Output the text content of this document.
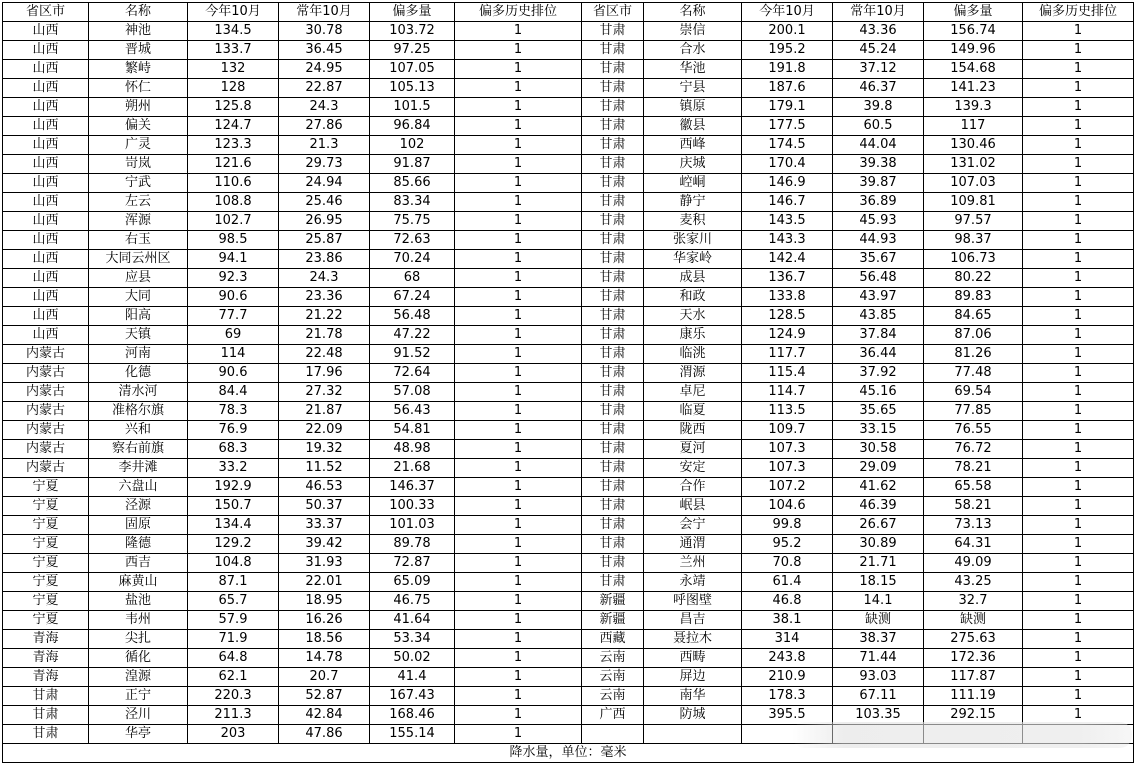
省区市	名称	今年10月	常年10月	偏多量	偏多历史排位	省区市	名称	今年10月	常年10月	偏多量	偏多历史排位
山西	神池	134.5	30.78	103.72	1	甘肃	崇信	200.1	43.36	156.74	1
山西	晋城	133.7	36.45	97.25	1	甘肃	合水	195.2	45.24	149.96	1
山西	繁峙	132	24.95	107.05	1	甘肃	华池	191.8	37.12	154.68	1
山西	怀仁	128	22.87	105.13	1	甘肃	宁县	187.6	46.37	141.23	1
山西	朔州	125.8	24.3	101.5	1	甘肃	镇原	179.1	39.8	139.3	1
山西	偏关	124.7	27.86	96.84	1	甘肃	徽县	177.5	60.5	117	1
山西	广灵	123.3	21.3	102	1	甘肃	西峰	174.5	44.04	130.46	1
山西	岢岚	121.6	29.73	91.87	1	甘肃	庆城	170.4	39.38	131.02	1
山西	宁武	110.6	24.94	85.66	1	甘肃	崆峒	146.9	39.87	107.03	1
山西	左云	108.8	25.46	83.34	1	甘肃	静宁	146.7	36.89	109.81	1
山西	浑源	102.7	26.95	75.75	1	甘肃	麦积	143.5	45.93	97.57	1
山西	右玉	98.5	25.87	72.63	1	甘肃	张家川	143.3	44.93	98.37	1
山西	大同云州区	94.1	23.86	70.24	1	甘肃	华家岭	142.4	35.67	106.73	1
山西	应县	92.3	24.3	68	1	甘肃	成县	136.7	56.48	80.22	1
山西	大同	90.6	23.36	67.24	1	甘肃	和政	133.8	43.97	89.83	1
山西	阳高	77.7	21.22	56.48	1	甘肃	天水	128.5	43.85	84.65	1
山西	天镇	69	21.78	47.22	1	甘肃	康乐	124.9	37.84	87.06	1
内蒙古	河南	114	22.48	91.52	1	甘肃	临洮	117.7	36.44	81.26	1
内蒙古	化德	90.6	17.96	72.64	1	甘肃	渭源	115.4	37.92	77.48	1
内蒙古	清水河	84.4	27.32	57.08	1	甘肃	卓尼	114.7	45.16	69.54	1
内蒙古	准格尔旗	78.3	21.87	56.43	1	甘肃	临夏	113.5	35.65	77.85	1
内蒙古	兴和	76.9	22.09	54.81	1	甘肃	陇西	109.7	33.15	76.55	1
内蒙古	察右前旗	68.3	19.32	48.98	1	甘肃	夏河	107.3	30.58	76.72	1
内蒙古	李井滩	33.2	11.52	21.68	1	甘肃	安定	107.3	29.09	78.21	1
宁夏	六盘山	192.9	46.53	146.37	1	甘肃	合作	107.2	41.62	65.58	1
宁夏	泾源	150.7	50.37	100.33	1	甘肃	岷县	104.6	46.39	58.21	1
宁夏	固原	134.4	33.37	101.03	1	甘肃	会宁	99.8	26.67	73.13	1
宁夏	隆德	129.2	39.42	89.78	1	甘肃	通渭	95.2	30.89	64.31	1
宁夏	西吉	104.8	31.93	72.87	1	甘肃	兰州	70.8	21.71	49.09	1
宁夏	麻黄山	87.1	22.01	65.09	1	甘肃	永靖	61.4	18.15	43.25	1
宁夏	盐池	65.7	18.95	46.75	1	新疆	呼图壁	46.8	14.1	32.7	1
宁夏	韦州	57.9	16.26	41.64	1	新疆	昌吉	38.1	缺测	缺测	1
青海	尖扎	71.9	18.56	53.34	1	西藏	聂拉木	314	38.37	275.63	1
青海	循化	64.8	14.78	50.02	1	云南	西畴	243.8	71.44	172.36	1
青海	湟源	62.1	20.7	41.4	1	云南	屏边	210.9	93.03	117.87	1
甘肃	正宁	220.3	52.87	167.43	1	云南	南华	178.3	67.11	111.19	1
甘肃	泾川	211.3	42.84	168.46	1	广西	防城	395.5	103.35	292.15	1
甘肃	华亭	203	47.86	155.14	1						
降水量，单位：毫米											
